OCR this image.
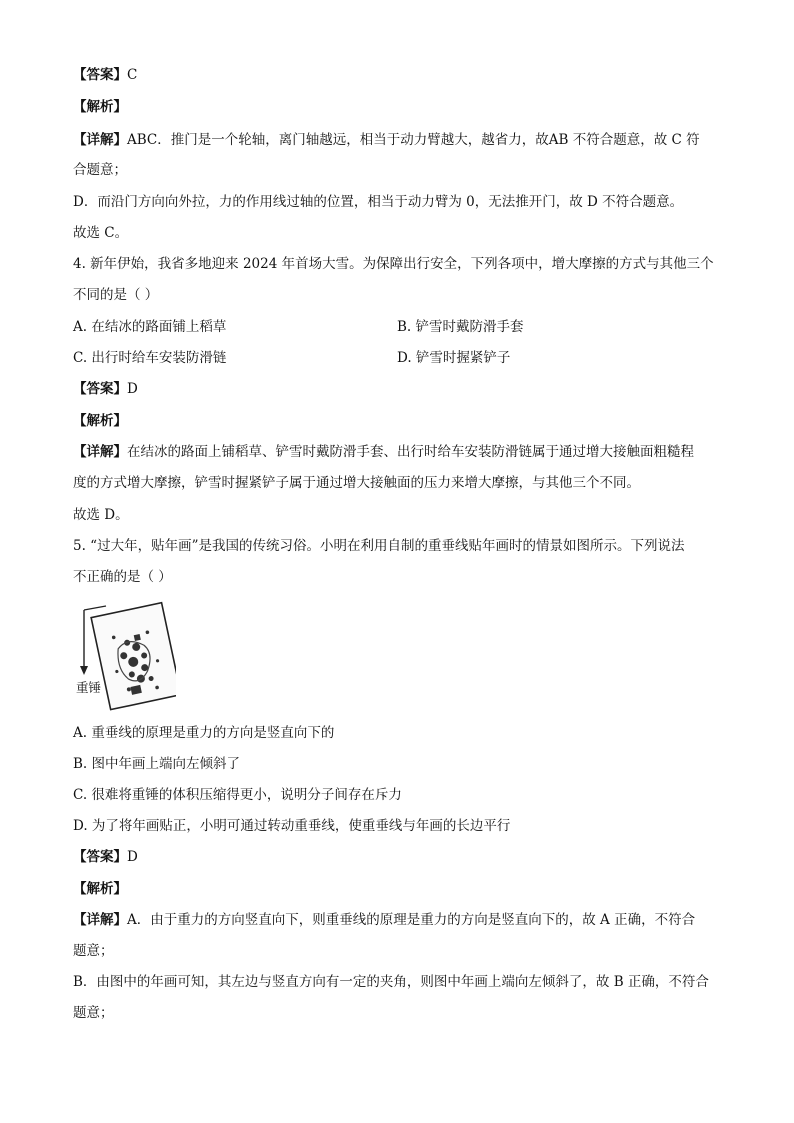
【答案】C
【解析】
【详解】ABC．推门是一个轮轴，离门轴越远，相当于动力臂越大，越省力，故AB 不符合题意，故 C 符
合题意；
D．而沿门方向向外拉，力的作用线过轴的位置，相当于动力臂为 0，无法推开门，故 D 不符合题意。
故选 C。
4. 新年伊始，我省多地迎来 2024 年首场大雪。为保障出行安全，下列各项中，增大摩擦的方式与其他三个
不同的是（ ）
A. 在结冰的路面铺上稻草	B. 铲雪时戴防滑手套
C. 出行时给车安装防滑链	D. 铲雪时握紧铲子
【答案】D
【解析】
【详解】在结冰的路面上铺稻草、铲雪时戴防滑手套、出行时给车安装防滑链属于通过增大接触面粗糙程
度的方式增大摩擦，铲雪时握紧铲子属于通过增大接触面的压力来增大摩擦，与其他三个不同。
故选 D。
5. “过大年，贴年画”是我国的传统习俗。小明在利用自制的重垂线贴年画时的情景如图所示。下列说法
不正确的是（ ）
重锤
A. 重垂线的原理是重力的方向是竖直向下的
B. 图中年画上端向左倾斜了
C. 很难将重锤的体积压缩得更小，说明分子间存在斥力
D. 为了将年画贴正，小明可通过转动重垂线，使重垂线与年画的长边平行
【答案】D
【解析】
【详解】A．由于重力的方向竖直向下，则重垂线的原理是重力的方向是竖直向下的，故 A 正确，不符合
题意；
B．由图中的年画可知，其左边与竖直方向有一定的夹角，则图中年画上端向左倾斜了，故 B 正确，不符合
题意；
